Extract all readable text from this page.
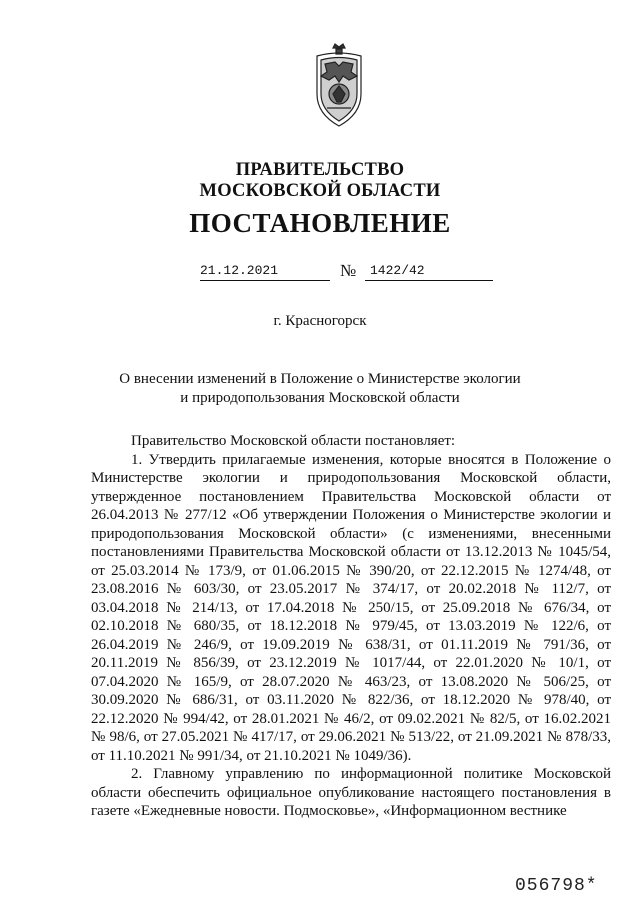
ПРАВИТЕЛЬСТВО
МОСКОВСКОЙ ОБЛАСТИ
ПОСТАНОВЛЕНИЕ
21.12.2021	№	1422/42
г. Красногорск
О внесении изменений в Положение о Министерстве экологии
и природопользования Московской области

Правительство Московской области постановляет:

1. Утвердить прилагаемые изменения, которые вносятся в Положение о Министерстве экологии и природопользования Московской области, утвержденное постановлением Правительства Московской области от 26.04.2013 № 277/12 «Об утверждении Положения о Министерстве экологии и природопользования Московской области» (с изменениями, внесенными постановлениями Правительства Московской области от 13.12.2013 № 1045/54, от 25.03.2014 № 173/9, от 01.06.2015 № 390/20, от 22.12.2015 № 1274/48, от 23.08.2016 № 603/30, от 23.05.2017 № 374/17, от 20.02.2018 № 112/7, от 03.04.2018 № 214/13, от 17.04.2018 № 250/15, от 25.09.2018 № 676/34, от 02.10.2018 № 680/35, от 18.12.2018 № 979/45, от 13.03.2019 № 122/6, от 26.04.2019 № 246/9, от 19.09.2019 № 638/31, от 01.11.2019 № 791/36, от 20.11.2019 № 856/39, от 23.12.2019 № 1017/44, от 22.01.2020 № 10/1, от 07.04.2020 № 165/9, от 28.07.2020 № 463/23, от 13.08.2020 № 506/25, от 30.09.2020 № 686/31, от 03.11.2020 № 822/36, от 18.12.2020 № 978/40, от 22.12.2020 № 994/42, от 28.01.2021 № 46/2, от 09.02.2021 № 82/5, от 16.02.2021 № 98/6, от 27.05.2021 № 417/17, от 29.06.2021 № 513/22, от 21.09.2021 № 878/33, от 11.10.2021 № 991/34, от 21.10.2021 № 1049/36).

2. Главному управлению по информационной политике Московской области обеспечить официальное опубликование настоящего постановления в газете «Ежедневные новости. Подмосковье», «Информационном вестнике

056798*
